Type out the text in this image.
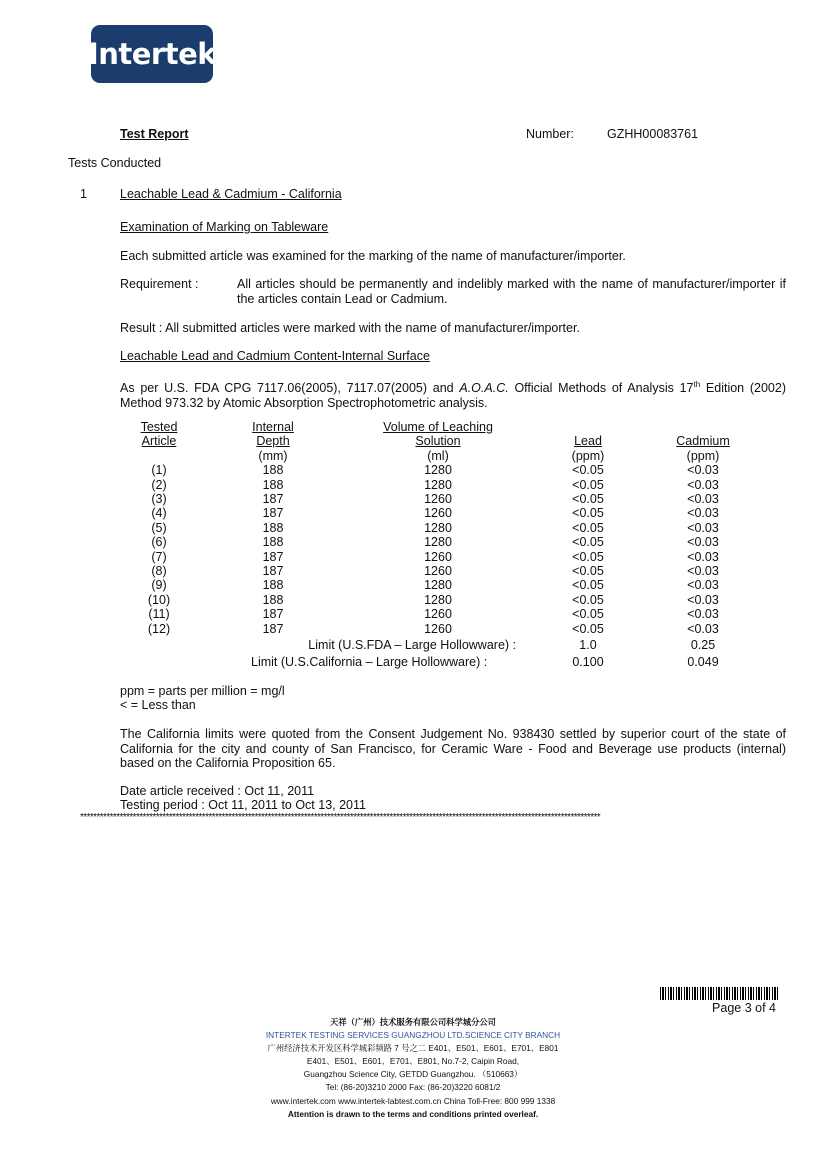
Intertek
Test Report	Number:	GZHH00083761
Tests Conducted
1	Leachable Lead & Cadmium - California
Examination of Marking on Tableware
Each submitted article was examined for the marking of the name of manufacturer/importer.
Requirement :	All articles should be permanently and indelibly marked with the name of manufacturer/importer if the articles contain Lead or Cadmium.
Result : All submitted articles were marked with the name of manufacturer/importer.
Leachable Lead and Cadmium Content-Internal Surface
As per U.S. FDA CPG 7117.06(2005), 7117.07(2005) and A.O.A.C. Official Methods of Analysis 17th Edition (2002) Method 973.32 by Atomic Absorption Spectrophotometric analysis.
Tested	Internal	Volume of Leaching		
Article	Depth	Solution	Lead	Cadmium
	(mm)	(ml)	(ppm)	(ppm)
(1)	188	1280	<0.05	<0.03
(2)	188	1280	<0.05	<0.03
(3)	187	1260	<0.05	<0.03
(4)	187	1260	<0.05	<0.03
(5)	188	1280	<0.05	<0.03
(6)	188	1280	<0.05	<0.03
(7)	187	1260	<0.05	<0.03
(8)	187	1260	<0.05	<0.03
(9)	188	1280	<0.05	<0.03
(10)	188	1280	<0.05	<0.03
(11)	187	1260	<0.05	<0.03
(12)	187	1260	<0.05	<0.03
Limit (U.S.FDA – Large Hollowware) :			1.0	0.25
Limit (U.S.California – Large Hollowware) :			0.100	0.049
ppm = parts per million = mg/l
< = Less than
The California limits were quoted from the Consent Judgement No. 938430 settled by superior court of the state of California for the city and county of San Francisco, for Ceramic Ware - Food and Beverage use products (internal) based on the California Proposition 65.
Date article received : Oct 11, 2011
Testing period : Oct 11, 2011 to Oct 13, 2011
**************************************************************************************************************************************************************
Page 3 of 4
天祥（广州）技术服务有限公司科学城分公司
INTERTEK TESTING SERVICES GUANGZHOU LTD.SCIENCE CITY BRANCH
广州经济技术开发区科学城彩频路 7 号之二 E401、E501、E601、E701、E801
E401、E501、E601、E701、E801, No.7-2, Caipin Road,
Guangzhou Science City, GETDD Guangzhou. （510663）
Tel: (86-20)3210 2000 Fax: (86-20)3220 6081/2
www.intertek.com www.intertek-labtest.com.cn China Toll-Free: 800 999 1338
Attention is drawn to the terms and conditions printed overleaf.
